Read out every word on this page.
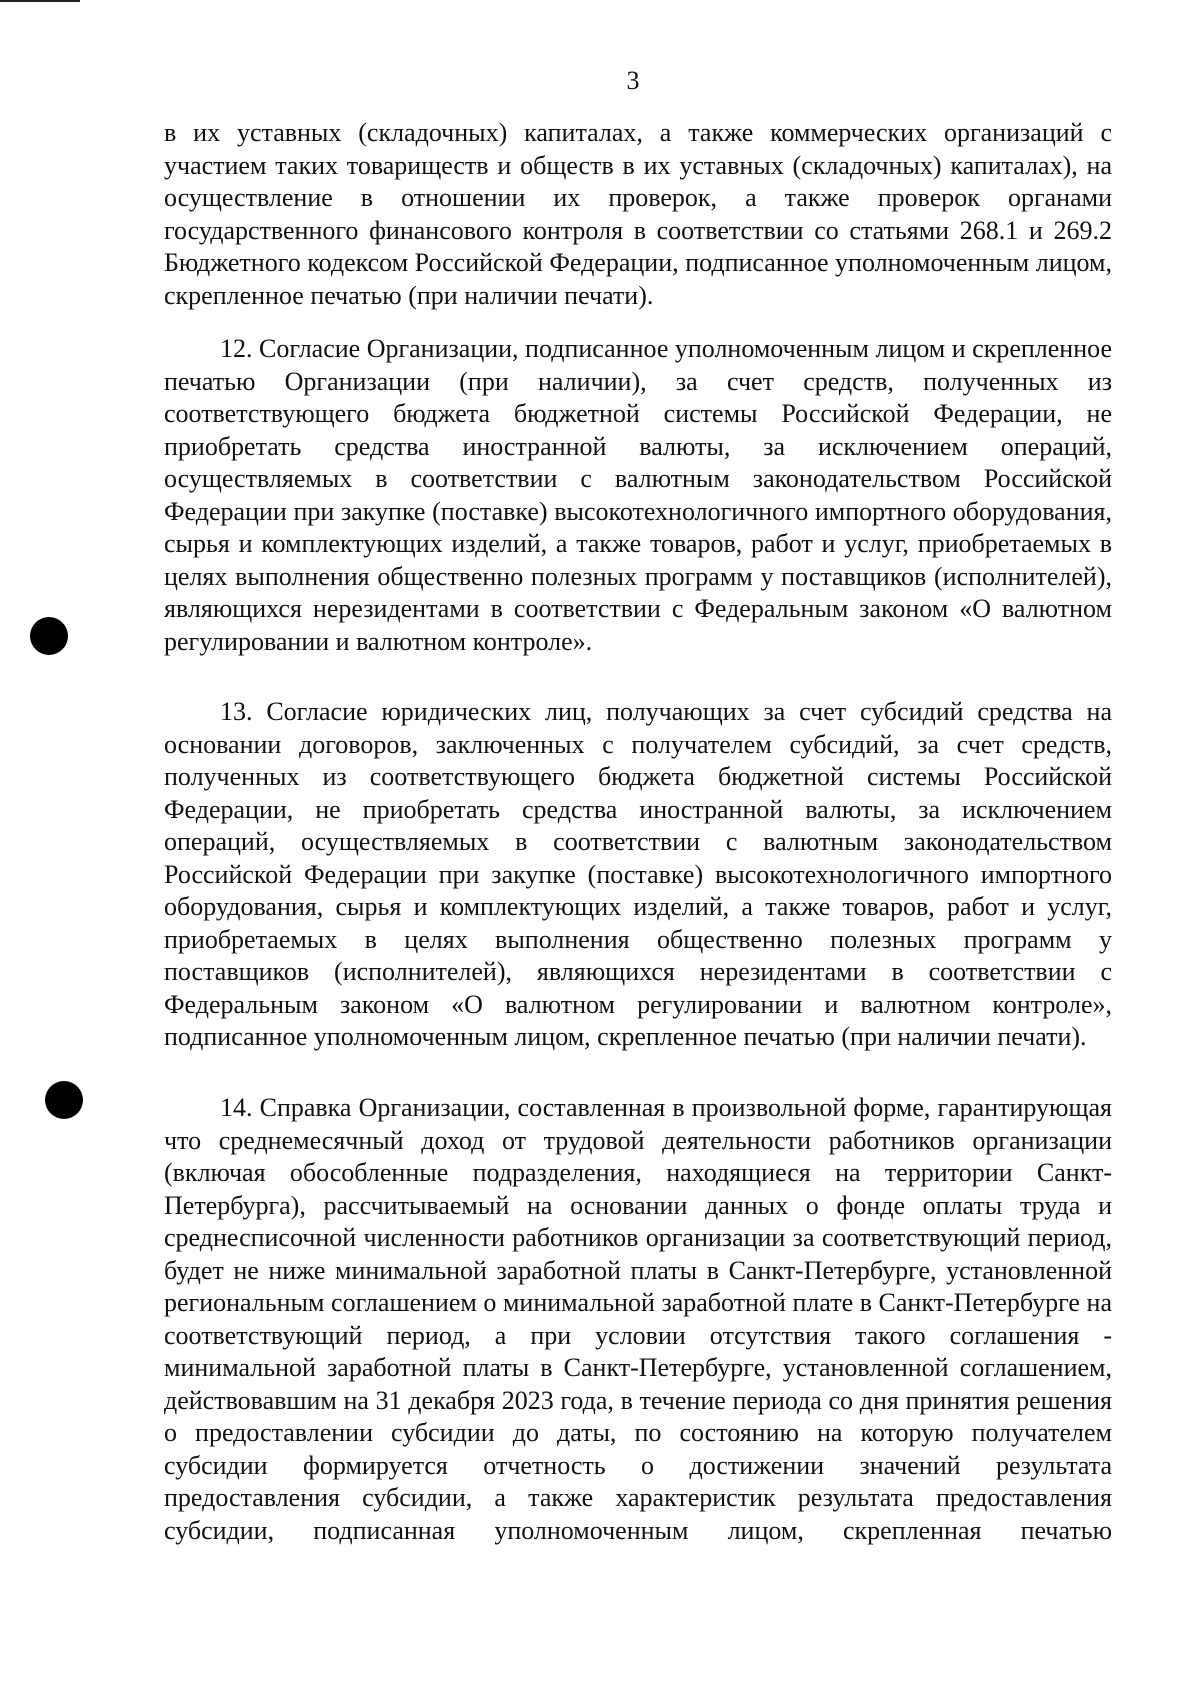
3

в их уставных (складочных) капиталах, а также коммерческих организаций с участием таких товариществ и обществ в их уставных (складочных) капиталах), на осуществление в отношении их проверок, а также проверок органами государственного финансового контроля в соответствии со статьями 268.1 и 269.2 Бюджетного кодексом Российской Федерации, подписанное уполномоченным лицом, скрепленное печатью (при наличии печати).

12. Согласие Организации, подписанное уполномоченным лицом и скрепленное печатью Организации (при наличии), за счет средств, полученных из соответствующего бюджета бюджетной системы Российской Федерации, не приобретать средства иностранной валюты, за исключением операций, осуществляемых в соответствии с валютным законодательством Российской Федерации при закупке (поставке) высокотехнологичного импортного оборудования, сырья и комплектующих изделий, а также товаров, работ и услуг, приобретаемых в целях выполнения общественно полезных программ у поставщиков (исполнителей), являющихся нерезидентами в соответствии с Федеральным законом «О валютном регулировании и валютном контроле».

13. Согласие юридических лиц, получающих за счет субсидий средства на основании договоров, заключенных с получателем субсидий, за счет средств, полученных из соответствующего бюджета бюджетной системы Российской Федерации, не приобретать средства иностранной валюты, за исключением операций, осуществляемых в соответствии с валютным законодательством Российской Федерации при закупке (поставке) высокотехнологичного импортного оборудования, сырья и комплектующих изделий, а также товаров, работ и услуг, приобретаемых в целях выполнения общественно полезных программ у поставщиков (исполнителей), являющихся нерезидентами в соответствии с Федеральным законом «О валютном регулировании и валютном контроле», подписанное уполномоченным лицом, скрепленное печатью (при наличии печати).

14. Справка Организации, составленная в произвольной форме, гарантирующая что среднемесячный доход от трудовой деятельности работников организации (включая обособленные подразделения, находящиеся на территории Санкт-Петербурга), рассчитываемый на основании данных о фонде оплаты труда и среднесписочной численности работников организации за соответствующий период, будет не ниже минимальной заработной платы в Санкт-Петербурге, установленной региональным соглашением о минимальной заработной плате в Санкт-Петербурге на соответствующий период, а при условии отсутствия такого соглашения - минимальной заработной платы в Санкт-Петербурге, установленной соглашением, действовавшим на 31 декабря 2023 года, в течение периода со дня принятия решения о предоставлении субсидии до даты, по состоянию на которую получателем субсидии формируется отчетность о достижении значений результата предоставления субсидии, а также характеристик результата предоставления субсидии, подписанная уполномоченным лицом, скрепленная печатью
